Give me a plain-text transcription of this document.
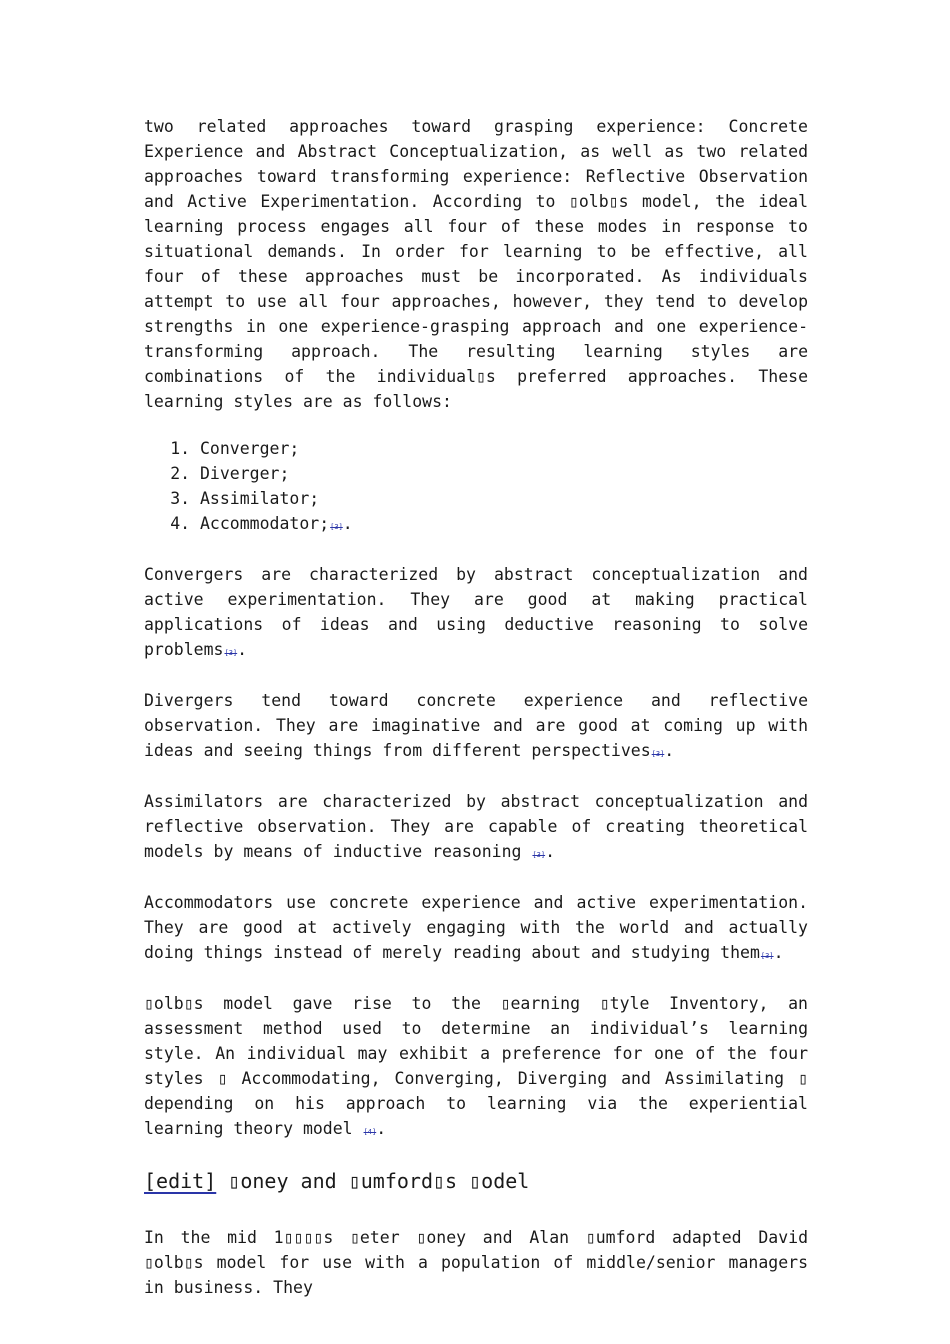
two related approaches toward grasping experience: Concrete Experience and Abstract Conceptualization, as well as two related approaches toward transforming experience: Reflective Observation and Active Experimentation. According to ▯olb▯s model, the ideal learning process engages all four of these modes in response to situational demands. In order for learning to be effective, all four of these approaches must be incorporated. As individuals attempt to use all four approaches, however, they tend to develop strengths in one experience-grasping approach and one experience-transforming approach. The resulting learning styles are combinations of the individual▯s preferred approaches. These learning styles are as follows:

1. Converger;
2. Diverger;
3. Assimilator;
4. Accommodator;[3].

Convergers are characterized by abstract conceptualization and active experimentation. They are good at making practical applications of ideas and using deductive reasoning to solve problems[3].

Divergers tend toward concrete experience and reflective observation. They are imaginative and are good at coming up with ideas and seeing things from different perspectives[3].

Assimilators are characterized by abstract conceptualization and reflective observation. They are capable of creating theoretical models by means of inductive reasoning [3].

Accommodators use concrete experience and active experimentation. They are good at actively engaging with the world and actually doing things instead of merely reading about and studying them[3].

▯olb▯s model gave rise to the ▯earning ▯tyle Inventory, an assessment method used to determine an individual’s learning style. An individual may exhibit a preference for one of the four styles ▯ Accommodating, Converging, Diverging and Assimilating ▯ depending on his approach to learning via the experiential learning theory model [4].

[edit] ▯oney and ▯umford▯s ▯odel

In the mid 1▯▯▯▯s ▯eter ▯oney and Alan ▯umford adapted David ▯olb▯s model for use with a population of middle/senior managers in business. They
